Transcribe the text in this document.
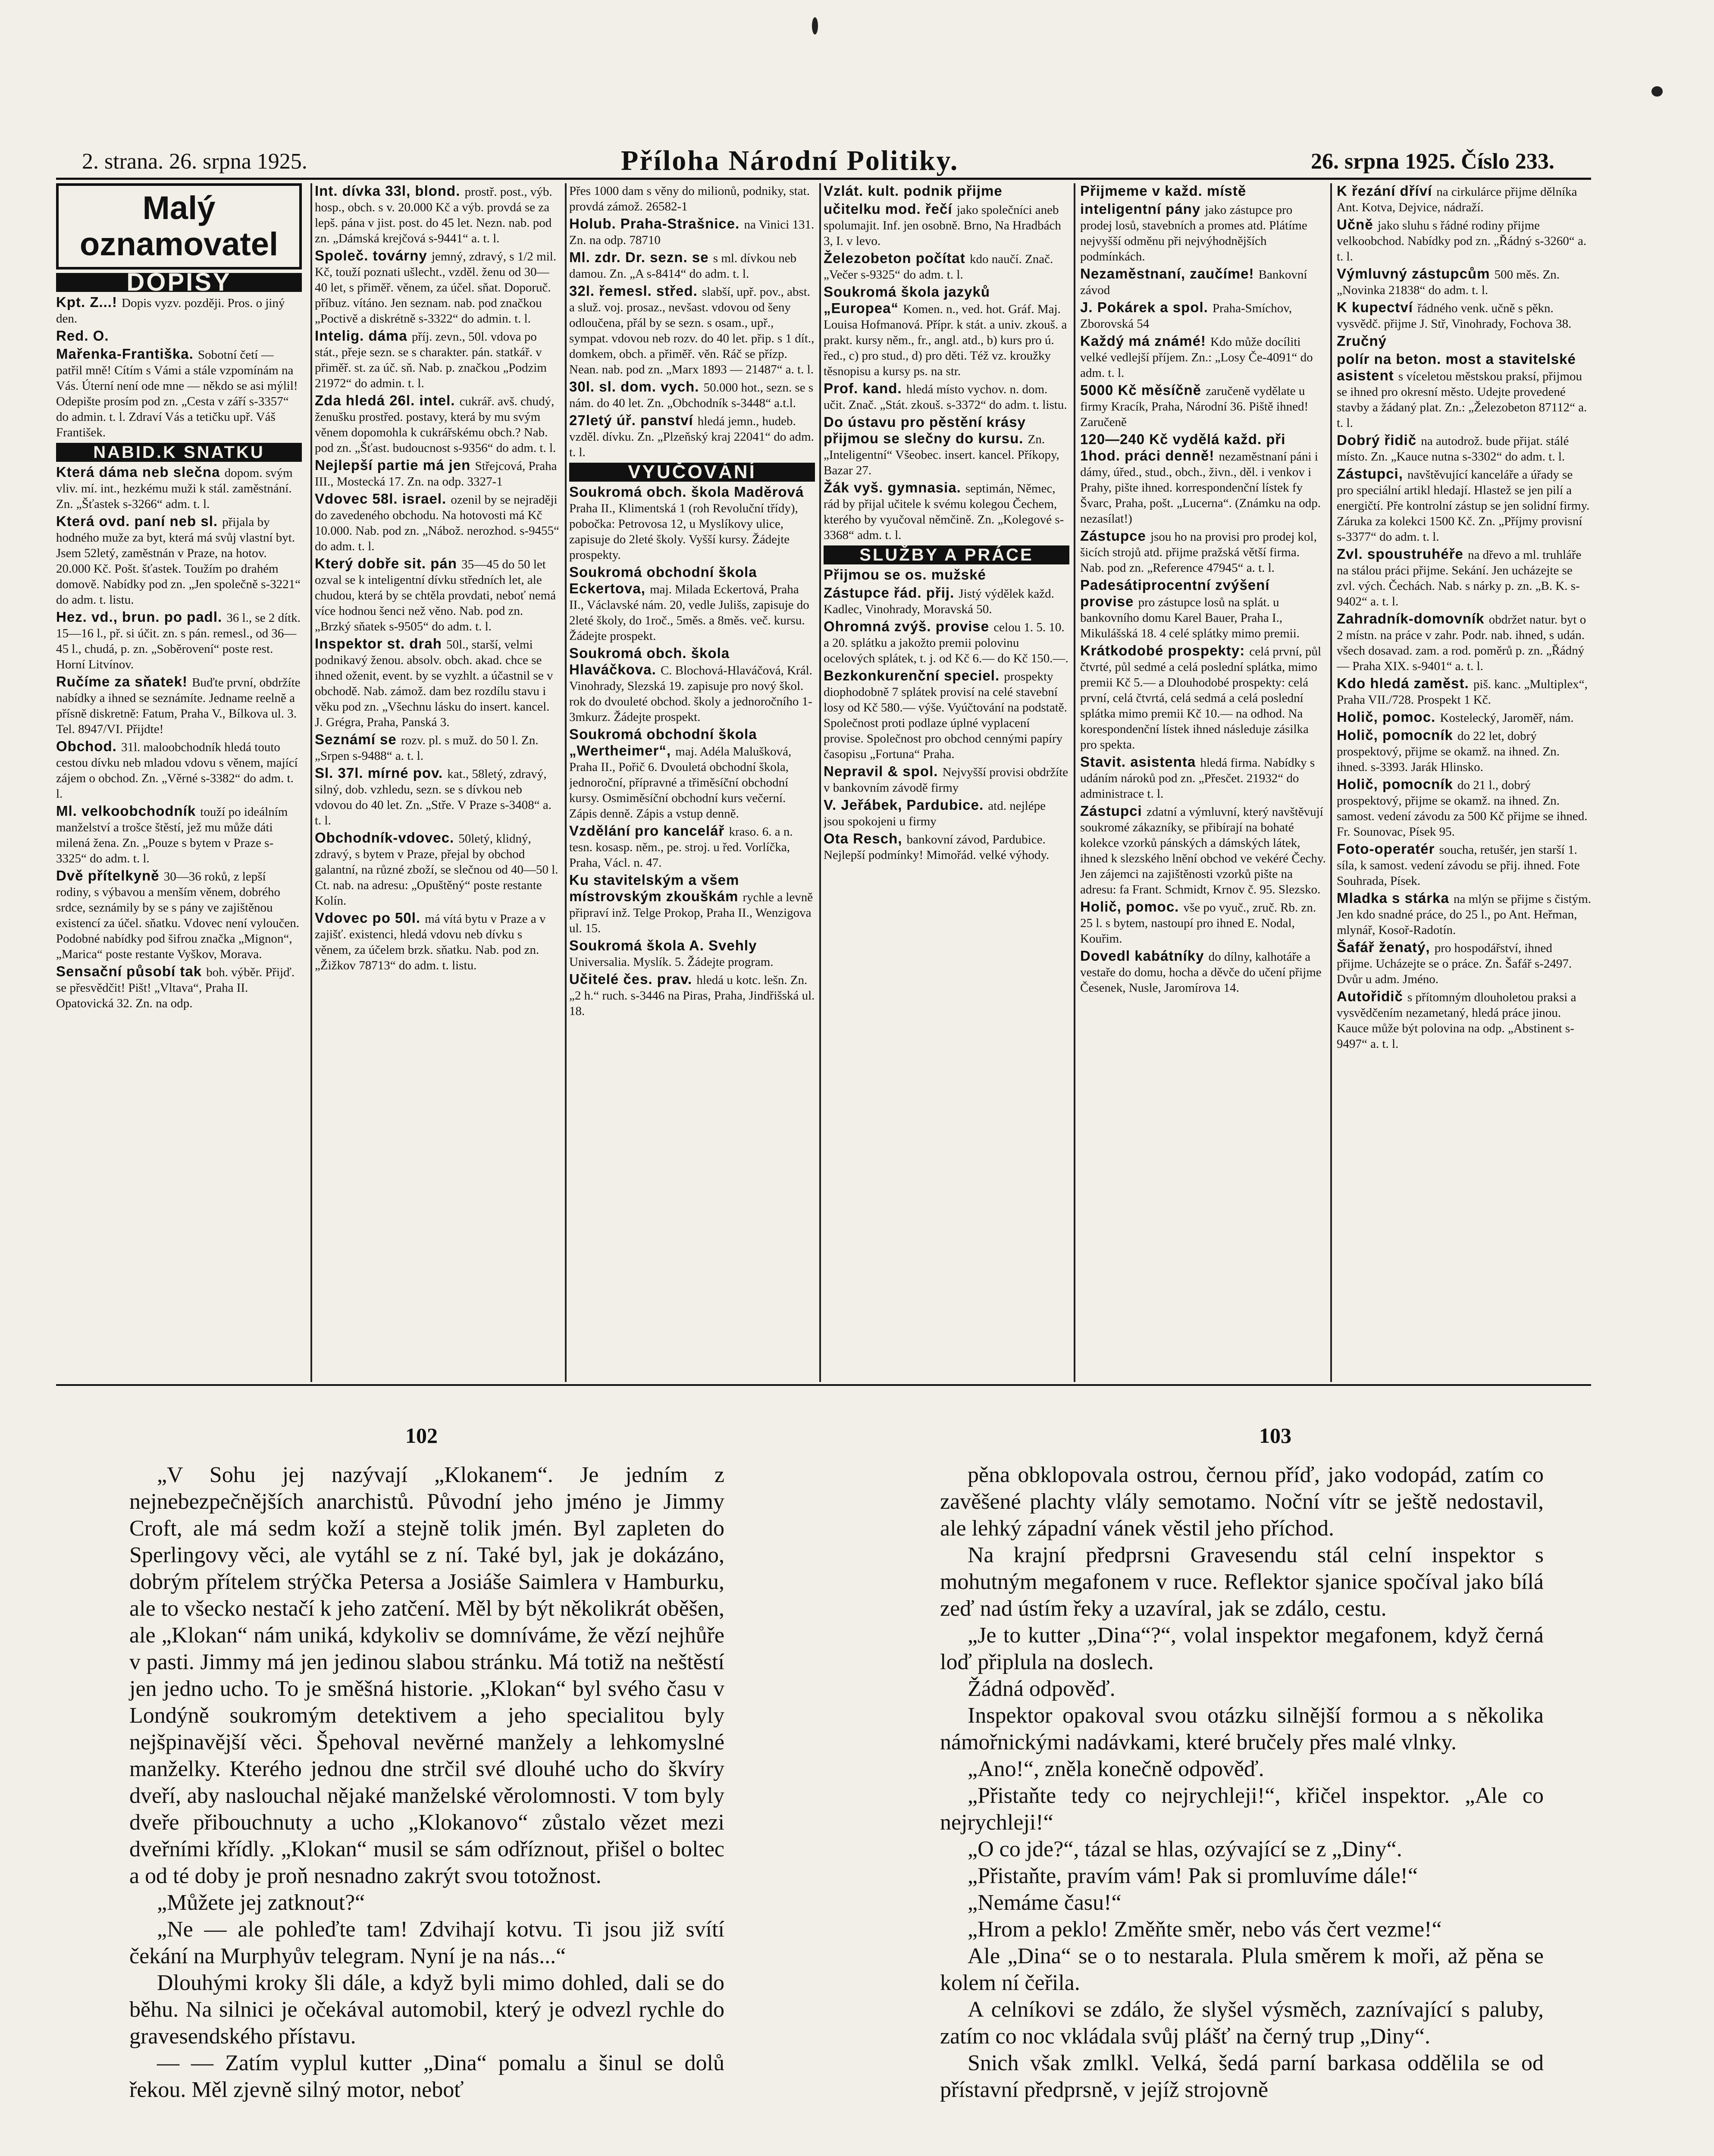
2. strana. 26. srpna 1925.	Příloha Národní Politiky.	26. srpna 1925. Číslo 233.
Malý
oznamovatel
DOPISY

Kpt. Z...! Dopis vyzv. později. Pros. o jiný den.

Red. O.

Mařenka-Františka. Sobotní četí — patřil mně! Cítím s Vámi a stále vzpomínám na Vás. Úterní není ode mne — někdo se asi mýlil! Odepište prosím pod zn. „Cesta v září s-3357“ do admin. t. l. Zdraví Vás a tetičku upř. Váš František.

NABID.K SNATKU

Která dáma neb slečna dopom. svým vliv. mí. int., hezkému muži k stál. zaměstnání. Zn. „Šťastek s-3266“ adm. t. l.

Která ovd. paní neb sl. přijala by hodného muže za byt, která má svůj vlastní byt. Jsem 52letý, zaměstnán v Praze, na hotov. 20.000 Kč. Pošt. šťastek. Toužím po drahém domově. Nabídky pod zn. „Jen společně s-3221“ do adm. t. listu.

Hez. vd., brun. po padl. 36 l., se 2 dítk. 15—16 l., př. si účit. zn. s pán. remesl., od 36—45 l., chudá, p. zn. „Soběrovení“ poste rest. Horní Litvínov.

Ručíme za sňatek! Buďte první, obdržíte nabídky a ihned se seznámíte. Jedname reelně a přísně diskretně: Fatum, Praha V., Bílkova ul. 3. Tel. 8947/VI. Přijdte!

Obchod. 31l. maloobchodník hledá touto cestou dívku neb mladou vdovu s věnem, mající zájem o obchod. Zn. „Věrné s-3382“ do adm. t. l.

Ml. velkoobchodník touží po ideálním manželství a trošce štěstí, jež mu může dáti milená žena. Zn. „Pouze s bytem v Praze s-3325“ do adm. t. l.

Dvě přítelkyně 30—36 roků, z lepší rodiny, s výbavou a menším věnem, dobrého srdce, seznámily by se s pány ve zajištěnou existencí za účel. sňatku. Vdovec není vyloučen. Podobné nabídky pod šifrou značka „Mignon“, „Marica“ poste restante Vyškov, Morava.

Sensační působí tak boh. výběr. Přijď. se přesvědčit! Pišt! „Vltava“, Praha II. Opatovická 32. Zn. na odp.

Int. dívka 33l, blond. prostř. post., výb. hosp., obch. s v. 20.000 Kč a výb. provdá se za lepš. pána v jist. post. do 45 let. Nezn. nab. pod zn. „Dámská krejčová s-9441“ a. t. l.

Společ. továrny jemný, zdravý, s 1/2 mil. Kč, touží poznati ušlecht., vzděl. ženu od 30—40 let, s přiměř. věnem, za účel. sňat. Doporuč. příbuz. vítáno. Jen seznam. nab. pod značkou „Poctivě a diskrétně s-3322“ do admin. t. l.

Intelig. dáma příj. zevn., 50l. vdova po stát., přeje sezn. se s charakter. pán. statkář. v přiměř. st. za úč. sň. Nab. p. značkou „Podzim 21972“ do admin. t. l.

Zda hledá 26l. intel. cukrář. avš. chudý, ženušku prostřed. postavy, která by mu svým věnem dopomohla k cukrářskému obch.? Nab. pod zn. „Šťast. budoucnost s-9356“ do adm. t. l.

Nejlepší partie má jen Střejcová, Praha III., Mostecká 17. Zn. na odp. 3327-1

Vdovec 58l. israel. ozenil by se nejraději do zavedeného obchodu. Na hotovosti má Kč 10.000. Nab. pod zn. „Nábož. nerozhod. s-9455“ do adm. t. l.

Který dobře sit. pán 35—45 do 50 let ozval se k inteligentní dívku středních let, ale chudou, která by se chtěla provdati, neboť nemá více hodnou šenci než věno. Nab. pod zn. „Brzký sňatek s-9505“ do adm. t. l.

Inspektor st. drah 50l., starší, velmi podnikavý ženou. absolv. obch. akad. chce se ihned oženit, event. by se vyzhlt. a účastnil se v obchodě. Nab. zámož. dam bez rozdílu stavu i věku pod zn. „Všechnu lásku do insert. kancel. J. Grégra, Praha, Panská 3.

Seznámí se rozv. pl. s muž. do 50 l. Zn. „Srpen s-9488“ a. t. l.

Sl. 37l. mírné pov. kat., 58letý, zdravý, silný, dob. vzhledu, sezn. se s dívkou neb vdovou do 40 let. Zn. „Stře. V Praze s-3408“ a. t. l.

Obchodník-vdovec. 50letý, klidný, zdravý, s bytem v Praze, přejal by obchod galantní, na různé zboží, se slečnou od 40—50 l. Ct. nab. na adresu: „Opuštěný“ poste restante Kolín.

Vdovec po 50l. má vítá bytu v Praze a v zajišť. existenci, hledá vdovu neb dívku s věnem, za účelem brzk. sňatku. Nab. pod zn. „Žižkov 78713“ do adm. t. listu.

Přes 1000 dam s věny do milionů, podniky, stat. provdá zámož. 26582-1

Holub. Praha-Strašnice. na Vinici 131. Zn. na odp. 78710

Ml. zdr. Dr. sezn. se s ml. dívkou neb damou. Zn. „A s-8414“ do adm. t. l.

32l. řemesl. střed. slabší, upř. pov., abst. a služ. voj. prosaz., nevšast. vdovou od šeny odloučena, přál by se sezn. s osam., upř., sympat. vdovou neb rozv. do 40 let. přip. s 1 dít., domkem, obch. a přiměř. věn. Ráč se přízp. Nean. nab. pod zn. „Marx 1893 — 21487“ a. t. l.

30l. sl. dom. vych. 50.000 hot., sezn. se s nám. do 40 let. Zn. „Obchodník s-3448“ a.t.l.

27letý úř. panství hledá jemn., hudeb. vzděl. dívku. Zn. „Plzeňský kraj 22041“ do adm. t. l.

VYUČOVÁNÍ

Soukromá obch. škola Maděrová Praha II., Klimentská 1 (roh Revoluční třídy), pobočka: Petrovosa 12, u Myslíkovy ulice, zapisuje do 2leté školy. Vyšší kursy. Žádejte prospekty.

Soukromá obchodní škola Eckertova, maj. Milada Eckertová, Praha II., Václavské nám. 20, vedle Julišs, zapisuje do 2leté školy, do 1roč., 5měs. a 8měs. več. kursu. Žádejte prospekt.

Soukromá obch. škola Hlaváčkova. C. Blochová-Hlaváčová, Král. Vinohrady, Slezská 19. zapisuje pro nový škol. rok do dvouleté obchod. školy a jednoročního 1-3mkurz. Žádejte prospekt.

Soukromá obchodní škola „Wertheimer“, maj. Adéla Malušková, Praha II., Pořič 6. Dvouletá obchodní škola, jednoroční, přípravné a třiměsíční obchodní kursy. Osmiměsíční obchodní kurs večerní. Zápis denně. Zápis a vstup denně.

Vzdělání pro kancelář kraso. 6. a n. tesn. kosasp. něm., pe. stroj. u řed. Vorlíčka, Praha, Václ. n. 47.

Ku stavitelským a všem místrovským zkouškám rychle a levně připraví inž. Telge Prokop, Praha II., Wenzigova ul. 15.

Soukromá škola A. Svehly Universalia. Myslík. 5. Žádejte program.

Učitelé čes. prav. hledá u kotc. lešn. Zn. „2 h.“ ruch. s-3446 na Piras, Praha, Jindřišská ul. 18.

Vzlát. kult. podnik přijme

učitelku mod. řečí jako společníci aneb spolumajit. Inf. jen osobně. Brno, Na Hradbách 3, I. v levo.

Železobeton počítat kdo naučí. Znač. „Večer s-9325“ do adm. t. l.

Soukromá škola jazyků „Europea“ Komen. n., ved. hot. Gráf. Maj. Louisa Hofmanová. Přípr. k stát. a univ. zkouš. a prakt. kursy něm., fr., angl. atd., b) kurs pro ú. řed., c) pro stud., d) pro děti. Též vz. kroužky těsnopisu a kursy ps. na str.

Prof. kand. hledá místo vychov. n. dom. učit. Znač. „Stát. zkouš. s-3372“ do adm. t. listu.

Do ústavu pro pěstění krásy přijmou se slečny do kursu. Zn. „Inteligentní“ Všeobec. insert. kancel. Příkopy, Bazar 27.

Žák vyš. gymnasia. septimán, Němec, rád by přijal učitele k svému kolegou Čechem, kterého by vyučoval němčině. Zn. „Kolegové s-3368“ adm. t. l.

SLUŽBY A PRÁCE

Přijmou se os. mužské

Zástupce řád. přij. Jistý výdělek každ. Kadlec, Vinohrady, Moravská 50.

Ohromná zvýš. provise celou 1. 5. 10. a 20. splátku a jakožto premii polovinu ocelových splátek, t. j. od Kč 6.— do Kč 150.—.

Bezkonkurenční speciel. prospekty diophodobně 7 splátek provisí na celé stavební losy od Kč 580.— výše. Vyúčtování na podstatě. Společnost proti podlaze úplné vyplacení provise. Společnost pro obchod cennými papíry časopisu „Fortuna“ Praha.

Nepravil & spol. Nejvyšší provisi obdržíte v bankovním závodě firmy

V. Jeřábek, Pardubice. atd. nejlépe jsou spokojeni u firmy

Ota Resch, bankovní závod, Pardubice. Nejlepší podmínky! Mimořád. velké výhody.

Přijmeme v každ. místě

inteligentní pány jako zástupce pro prodej losů, stavebních a promes atd. Plátíme nejvyšší odměnu při nejvýhodnějších podmínkách.

Nezaměstnaní, zaučíme! Bankovní závod

J. Pokárek a spol. Praha-Smíchov, Zborovská 54

Každý má známé! Kdo může docíliti velké vedlejší příjem. Zn.: „Losy Če-4091“ do adm. t. l.

5000 Kč měsíčně zaručeně vydělate u firmy Kracík, Praha, Národní 36. Piště ihned! Zaručeně

120—240 Kč vydělá každ. při 1hod. práci denně! nezaměstnaní páni i dámy, úřed., stud., obch., živn., děl. i venkov i Prahy, pište ihned. korrespondenční lístek fy Švarc, Praha, pošt. „Lucerna“. (Známku na odp. nezasílat!)

Zástupce jsou ho na provisi pro prodej kol, šicích strojů atd. přijme pražská větší firma. Nab. pod zn. „Reference 47945“ a. t. l.

Padesátiprocentní zvýšení provise pro zástupce losů na splát. u bankovního domu Karel Bauer, Praha I., Mikulášská 18. 4 celé splátky mimo premii.

Krátkodobé prospekty: celá první, půl čtvrté, půl sedmé a celá poslední splátka, mimo premii Kč 5.— a Dlouhodobé prospekty: celá první, celá čtvrtá, celá sedmá a celá poslední splátka mimo premii Kč 10.— na odhod. Na korespondenční lístek ihned následuje zásilka pro spekta.

Stavit. asistenta hledá firma. Nabídky s udáním nároků pod zn. „Přesčet. 21932“ do administrace t. l.

Zástupci zdatní a výmluvní, který navštěvují soukromé zákazníky, se přibírají na bohaté kolekce vzorků pánských a dámských látek, ihned k slezského lnění obchod ve vekéré Čechy. Jen zájemci na zajištěnosti vzorků pište na adresu: fa Frant. Schmidt, Krnov č. 95. Slezsko.

Holič, pomoc. vše po vyuč., zruč. Rb. zn. 25 l. s bytem, nastoupí pro ihned E. Nodal, Kouřim.

Dovedl kabátníky do dílny, kalhotáře a vestaře do domu, hocha a děvče do učení přijme Česenek, Nusle, Jaromírova 14.

K řezání dříví na cirkulárce přijme dělníka Ant. Kotva, Dejvice, nádraží.

Učně jako sluhu s řádné rodiny přijme velkoobchod. Nabídky pod zn. „Řádný s-3260“ a. t. l.

Výmluvný zástupcům 500 měs. Zn. „Novinka 21838“ do adm. t. l.

K kupectví řádného venk. učně s pěkn. vysvědč. přijme J. Stř, Vinohrady, Fochova 38.

Zručný

polír na beton. most a stavitelské asistent s víceletou městskou praksí, přijmou se ihned pro okresní město. Udejte provedené stavby a žádaný plat. Zn.: „Železobeton 87112“ a. t. l.

Dobrý řidič na autodrož. bude přijat. stálé místo. Zn. „Kauce nutna s-3302“ do adm. t. l.

Zástupci, navštěvující kanceláře a úřady se pro speciální artikl hledají. Hlastež se jen pilí a energičtí. Pře kontrolní zástup se jen solidní firmy. Záruka za kolekci 1500 Kč. Zn. „Příjmy provisní s-3377“ do adm. t. l.

Zvl. spoustruhéře na dřevo a ml. truhláře na stálou práci přijme. Sekání. Jen ucházejte se zvl. vých. Čechách. Nab. s nárky p. zn. „B. K. s-9402“ a. t. l.

Zahradník-domovník obdržet natur. byt o 2 místn. na práce v zahr. Podr. nab. ihned, s udán. všech dosavad. zam. a rod. poměrů p. zn. „Řádný — Praha XIX. s-9401“ a. t. l.

Kdo hledá zaměst. piš. kanc. „Multiplex“, Praha VII./728. Prospekt 1 Kč.

Holič, pomoc. Kostelecký, Jaroměř, nám.

Holič, pomocník do 22 let, dobrý prospektový, přijme se okamž. na ihned. Zn. ihned. s-3393. Jarák Hlinsko.

Holič, pomocník do 21 l., dobrý prospektový, přijme se okamž. na ihned. Zn. samost. vedení závodu za 500 Kč přijme se ihned. Fr. Sounovac, Písek 95.

Foto-operatér soucha, retušér, jen starší 1. síla, k samost. vedení závodu se přij. ihned. Fote Souhrada, Písek.

Mladka s stárka na mlýn se přijme s čistým. Jen kdo snadné práce, do 25 l., po Ant. Heřman, mlynář, Kosoř-Radotín.

Šafář ženatý, pro hospodářství, ihned přijme. Ucházejte se o práce. Zn. Šafář s-2497. Dvůr u adm. Jméno.

Autořidič s přítomným dlouholetou praksi a vysvědčením nezametaný, hledá práce jinou. Kauce může být polovina na odp. „Abstinent s-9497“ a. t. l.

102	103

„V Sohu jej nazývají „Klokanem“. Je jedním z nejnebezpečnějších anarchistů. Původní jeho jméno je Jimmy Croft, ale má sedm koží a stejně tolik jmén. Byl zapleten do Sperlingovy věci, ale vytáhl se z ní. Také byl, jak je dokázáno, dobrým přítelem strýčka Petersa a Josiáše Saimlera v Hamburku, ale to všecko nestačí k jeho zatčení. Měl by být několikrát oběšen, ale „Klokan“ nám uniká, kdykoliv se domníváme, že vězí nejhůře v pasti. Jimmy má jen jedinou slabou stránku. Má totiž na neštěstí jen jedno ucho. To je směšná historie. „Klokan“ byl svého času v Londýně soukromým detektivem a jeho specialitou byly nejšpinavější věci. Špehoval nevěrné manžely a lehkomyslné manželky. Kterého jednou dne strčil své dlouhé ucho do škvíry dveří, aby naslouchal nějaké manželské věrolomnosti. V tom byly dveře přibouchnuty a ucho „Klokanovo“ zůstalo vězet mezi dveřními křídly. „Klokan“ musil se sám odříznout, přišel o boltec a od té doby je proň nesnadno zakrýt svou totožnost.

„Můžete jej zatknout?“

„Ne — ale pohleďte tam! Zdvihají kotvu. Ti jsou již svítí čekání na Murphyův telegram. Nyní je na nás...“

Dlouhými kroky šli dále, a když byli mimo dohled, dali se do běhu. Na silnici je očekával automobil, který je odvezl rychle do gravesendského přístavu.

— — Zatím vyplul kutter „Dina“ pomalu a šinul se dolů řekou. Měl zjevně silný motor, neboť

pěna obklopovala ostrou, černou příď, jako vodopád, zatím co zavěšené plachty vlály semotamo. Noční vítr se ještě nedostavil, ale lehký západní vánek věstil jeho příchod.

Na krajní předprsni Gravesendu stál celní inspektor s mohutným megafonem v ruce. Reflektor sjanice spočíval jako bílá zeď nad ústím řeky a uzavíral, jak se zdálo, cestu.

„Je to kutter „Dina“?“, volal inspektor megafonem, když černá loď připlula na doslech.

Žádná odpověď.

Inspektor opakoval svou otázku silnější formou a s několika námořnickými nadávkami, které bručely přes malé vlnky.

„Ano!“, zněla konečně odpověď.

„Přistaňte tedy co nejrychleji!“, křičel inspektor. „Ale co nejrychleji!“

„O co jde?“, tázal se hlas, ozývající se z „Diny“.

„Přistaňte, pravím vám! Pak si promluvíme dále!“

„Nemáme času!“

„Hrom a peklo! Změňte směr, nebo vás čert vezme!“

Ale „Dina“ se o to nestarala. Plula směrem k moři, až pěna se kolem ní čeřila.

A celníkovi se zdálo, že slyšel výsměch, zaznívající s paluby, zatím co noc vkládala svůj plášť na černý trup „Diny“.

Snich však zmlkl. Velká, šedá parní barkasa oddělila se od přístavní předprsně, v jejíž strojovně
